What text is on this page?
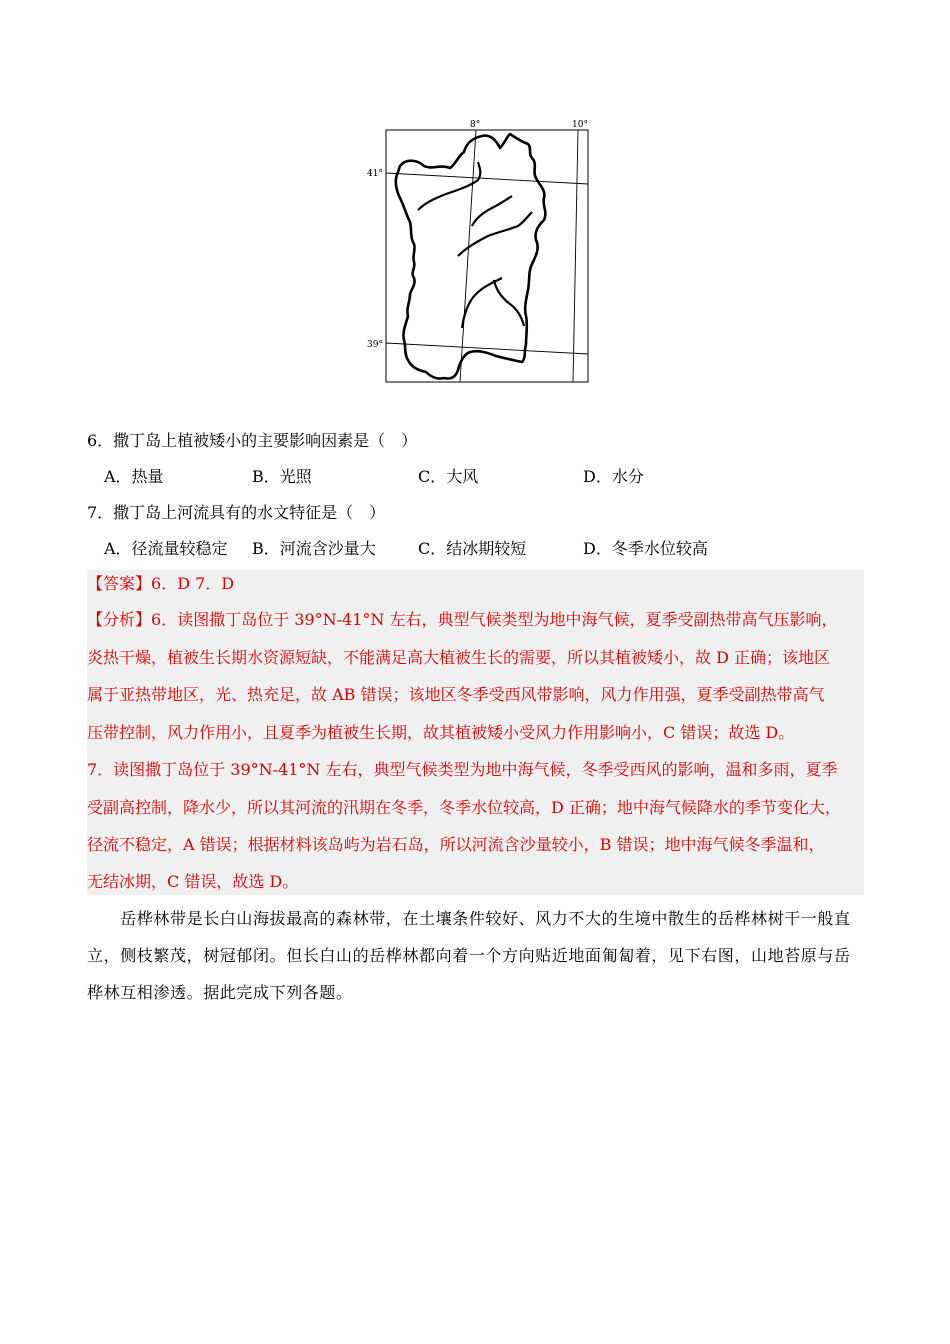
8°	10°
41°
39°
6．撒丁岛上植被矮小的主要影响因素是（　）
A．热量	B．光照	C．大风	D．水分
7．撒丁岛上河流具有的水文特征是（　）
A．径流量较稳定 B．河流含沙量大	C．结冰期较短	D．冬季水位较高
【答案】6．D 7．D
【分析】6．读图撒丁岛位于 39°N-41°N 左右，典型气候类型为地中海气候，夏季受副热带高气压影响，
炎热干燥，植被生长期水资源短缺，不能满足高大植被生长的需要，所以其植被矮小，故 D 正确；该地区
属于亚热带地区，光、热充足，故 AB 错误；该地区冬季受西风带影响，风力作用强，夏季受副热带高气
压带控制，风力作用小，且夏季为植被生长期，故其植被矮小受风力作用影响小，C 错误；故选 D。
7．读图撒丁岛位于 39°N-41°N 左右，典型气候类型为地中海气候，冬季受西风的影响，温和多雨，夏季
受副高控制，降水少，所以其河流的汛期在冬季，冬季水位较高，D 正确；地中海气候降水的季节变化大，
径流不稳定，A 错误；根据材料该岛屿为岩石岛，所以河流含沙量较小，B 错误；地中海气候冬季温和，
无结冰期，C 错误，故选 D。
　　岳桦林带是长白山海拔最高的森林带，在土壤条件较好、风力不大的生境中散生的岳桦林树干一般直
立，侧枝繁茂，树冠郁闭。但长白山的岳桦林都向着一个方向贴近地面匍匐着，见下右图，山地苔原与岳
桦林互相渗透。据此完成下列各题。
